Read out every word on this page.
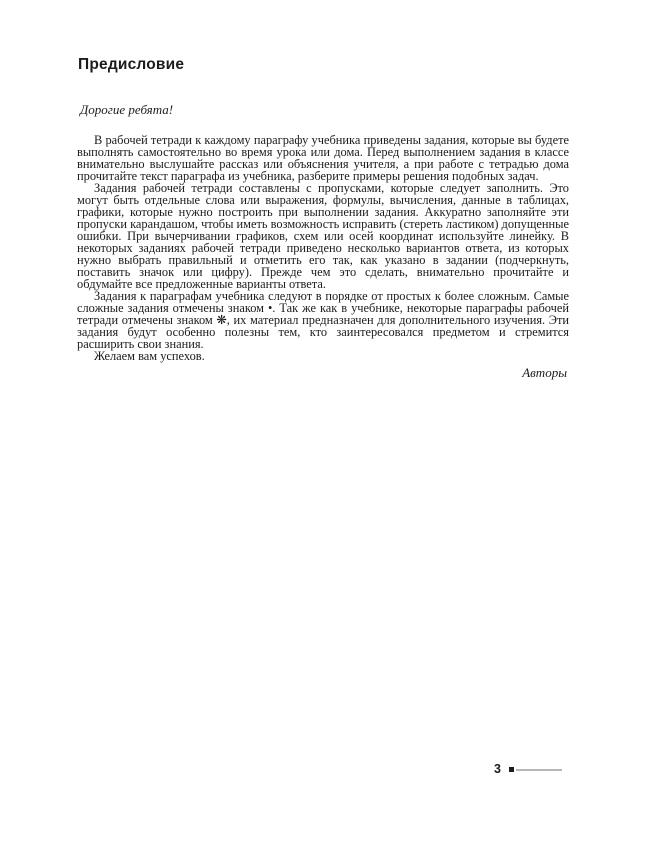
Предисловие

Дорогие ребята!

В рабочей тетради к каждому параграфу учебника приведены задания, которые вы будете выполнять самостоятельно во время урока или дома. Перед выполнением задания в классе внимательно выслушайте рассказ или объяснения учителя, а при работе с тетрадью дома прочитайте текст параграфа из учебника, разберите примеры решения подобных задач.

Задания рабочей тетради составлены с пропусками, которые следует заполнить. Это могут быть отдельные слова или выражения, формулы, вычисления, данные в таблицах, графики, которые нужно построить при выполнении задания. Аккуратно заполняйте эти пропуски карандашом, чтобы иметь возможность исправить (стереть ластиком) допущенные ошибки. При вычерчивании графиков, схем или осей координат используйте линейку. В некоторых заданиях рабочей тетради приведено несколько вариантов ответа, из которых нужно выбрать правильный и отметить его так, как указано в задании (подчеркнуть, поставить значок или цифру). Прежде чем это сделать, внимательно прочитайте и обдумайте все предложенные варианты ответа.

Задания к параграфам учебника следуют в порядке от простых к более сложным. Самые сложные задания отмечены знаком •. Так же как в учебнике, некоторые параграфы рабочей тетради отмечены знаком ❋, их материал предназначен для дополнительного изучения. Эти задания будут особенно полезны тем, кто заинтересовался предметом и стремится расширить свои знания.

Желаем вам успехов.

Авторы

3
